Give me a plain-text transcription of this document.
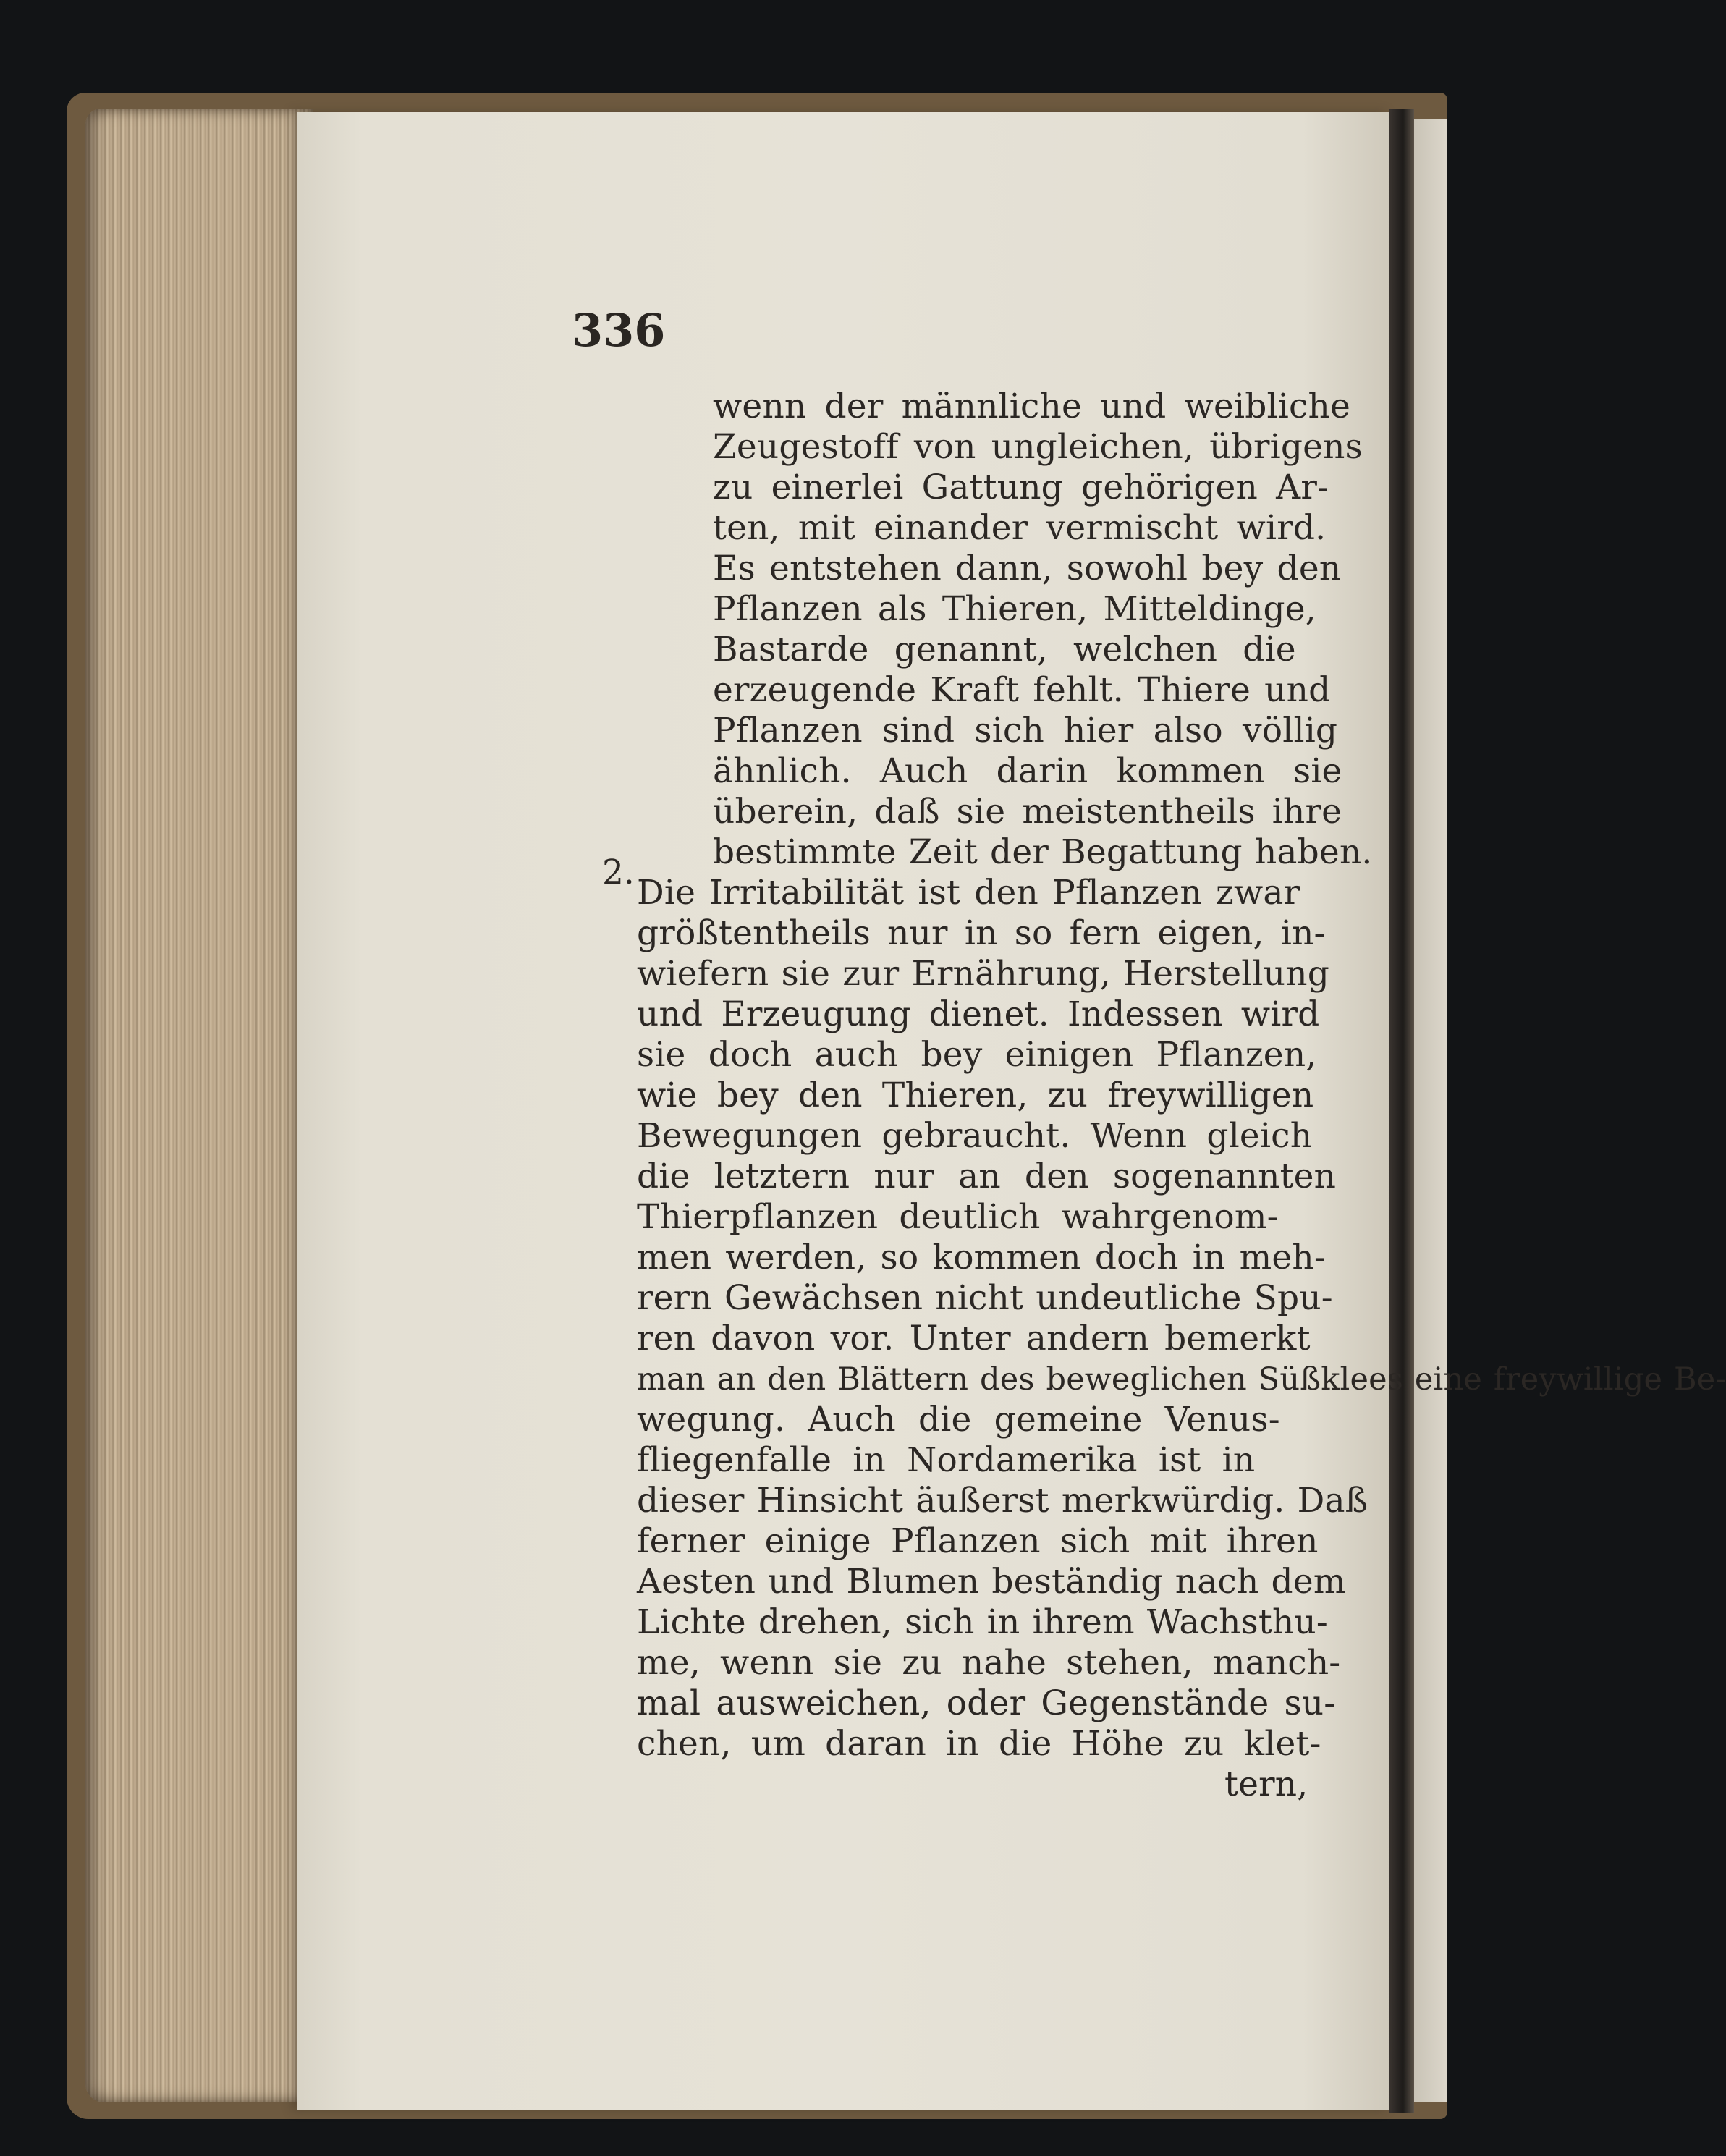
336

2.

wenn der männliche und weibliche

Zeugestoff von ungleichen, übrigens

zu einerlei Gattung gehörigen Ar-

ten, mit einander vermischt wird.

Es entstehen dann, sowohl bey den

Pflanzen als Thieren, Mitteldinge,

Bastarde genannt, welchen die

erzeugende Kraft fehlt. Thiere und

Pflanzen sind sich hier also völlig

ähnlich. Auch darin kommen sie

überein, daß sie meistentheils ihre

bestimmte Zeit der Begattung haben.

Die Irritabilität ist den Pflanzen zwar

größtentheils nur in so fern eigen, in-

wiefern sie zur Ernährung, Herstellung

und Erzeugung dienet. Indessen wird

sie doch auch bey einigen Pflanzen,

wie bey den Thieren, zu freywilligen

Bewegungen gebraucht. Wenn gleich

die letztern nur an den sogenannten

Thierpflanzen deutlich wahrgenom-

men werden, so kommen doch in meh-

rern Gewächsen nicht undeutliche Spu-

ren davon vor. Unter andern bemerkt

man an den Blättern des beweglichen Süßklees eine freywillige Be-

wegung. Auch die gemeine Venus-

fliegenfalle in Nordamerika ist in

dieser Hinsicht äußerst merkwürdig. Daß

ferner einige Pflanzen sich mit ihren

Aesten und Blumen beständig nach dem

Lichte drehen, sich in ihrem Wachsthu-

me, wenn sie zu nahe stehen, manch-

mal ausweichen, oder Gegenstände su-

chen, um daran in die Höhe zu klet-

tern,
